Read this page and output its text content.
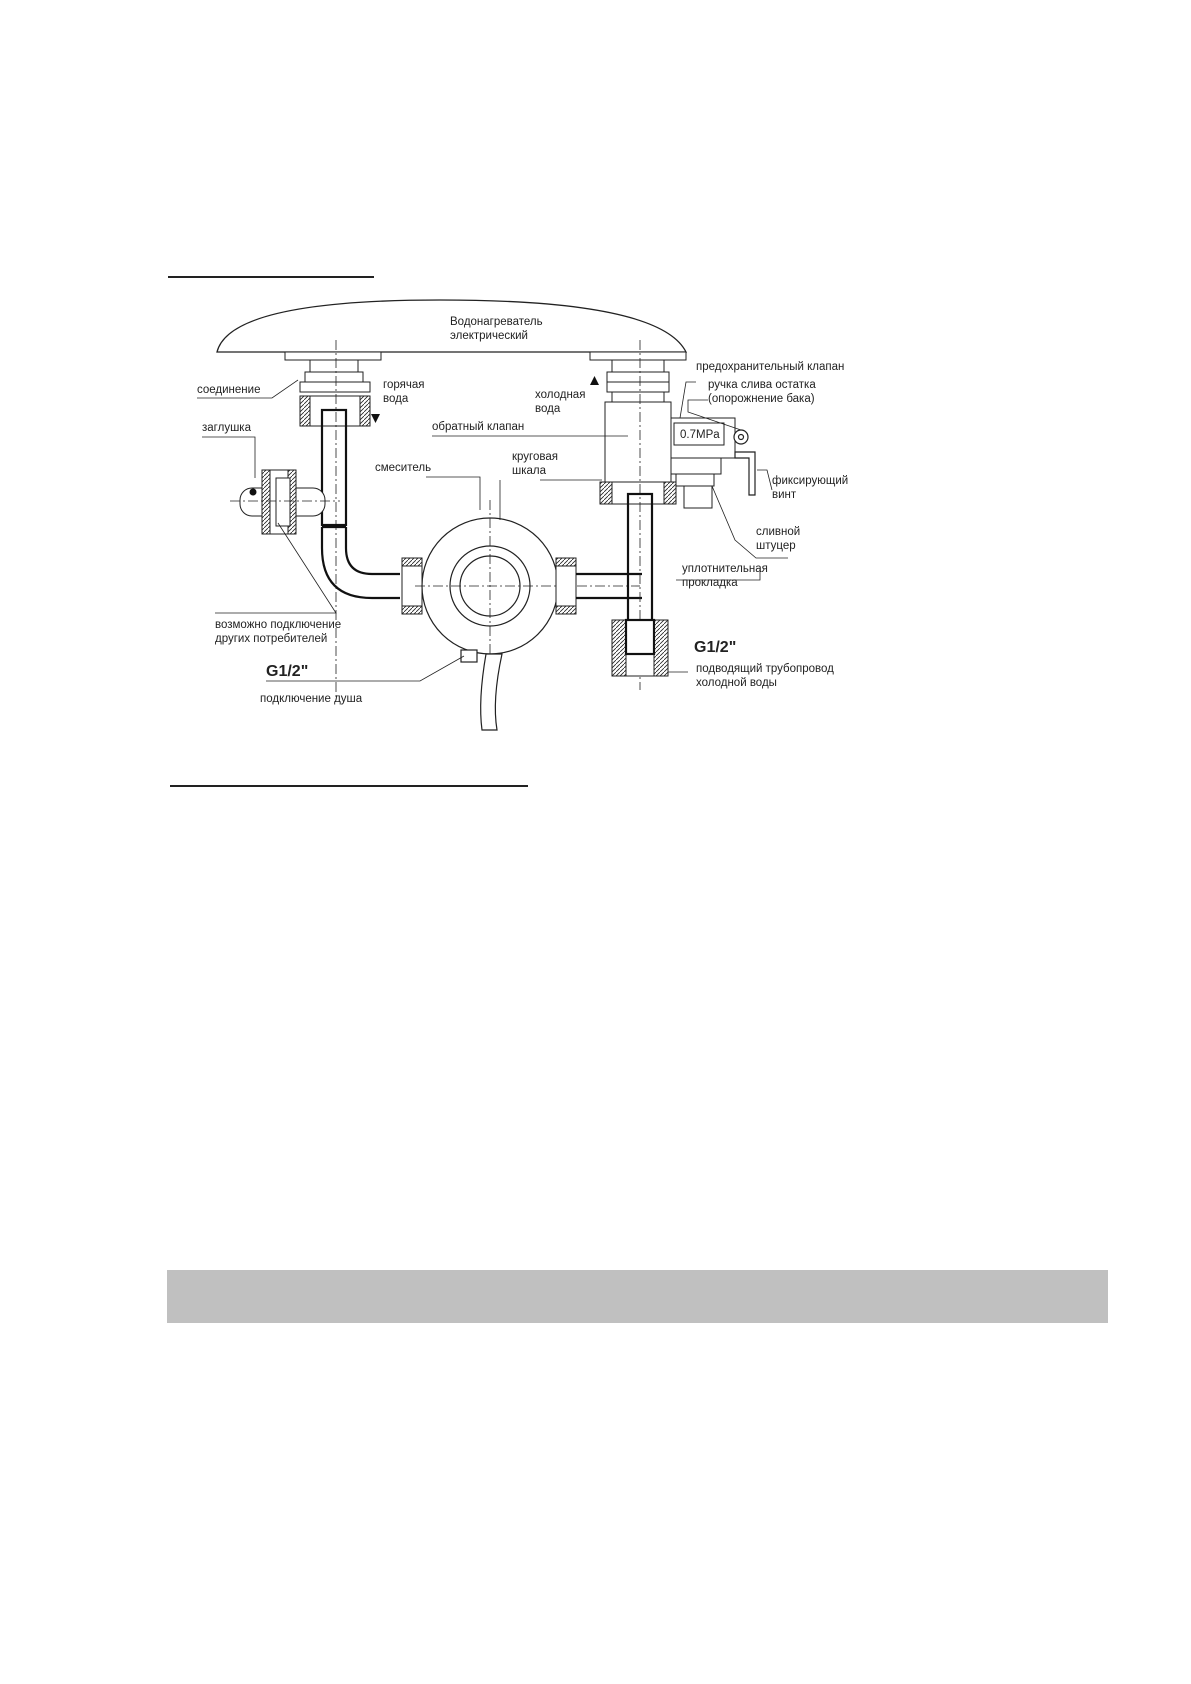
Водонагреватель
электрический
0.7MPa
соединение	горячая
вода	холодная
вода
предохранительный клапан
ручка слива остатка
(опорожнение бака)
заглушка	обратный клапан
смеситель
круговая
шкала
фиксирующий
винт
сливной
штуцер
уплотнительная
прокладка
возможно подключение
других потребителей
G1/2"
подключение душа
G1/2"
подводящий трубопровод
холодной воды
